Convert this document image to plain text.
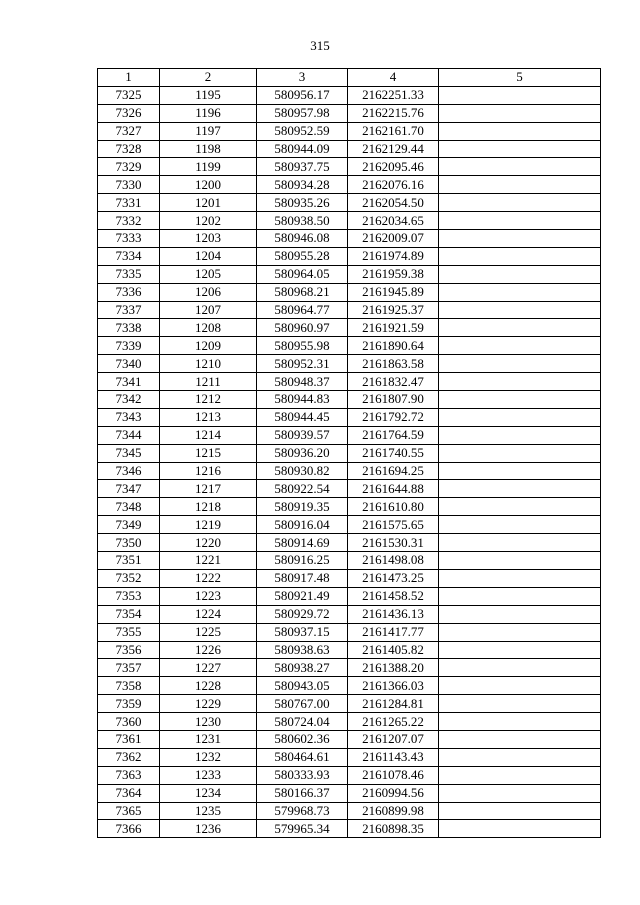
315
1	2	3	4	5
7325	1195	580956.17	2162251.33	
7326	1196	580957.98	2162215.76	
7327	1197	580952.59	2162161.70	
7328	1198	580944.09	2162129.44	
7329	1199	580937.75	2162095.46	
7330	1200	580934.28	2162076.16	
7331	1201	580935.26	2162054.50	
7332	1202	580938.50	2162034.65	
7333	1203	580946.08	2162009.07	
7334	1204	580955.28	2161974.89	
7335	1205	580964.05	2161959.38	
7336	1206	580968.21	2161945.89	
7337	1207	580964.77	2161925.37	
7338	1208	580960.97	2161921.59	
7339	1209	580955.98	2161890.64	
7340	1210	580952.31	2161863.58	
7341	1211	580948.37	2161832.47	
7342	1212	580944.83	2161807.90	
7343	1213	580944.45	2161792.72	
7344	1214	580939.57	2161764.59	
7345	1215	580936.20	2161740.55	
7346	1216	580930.82	2161694.25	
7347	1217	580922.54	2161644.88	
7348	1218	580919.35	2161610.80	
7349	1219	580916.04	2161575.65	
7350	1220	580914.69	2161530.31	
7351	1221	580916.25	2161498.08	
7352	1222	580917.48	2161473.25	
7353	1223	580921.49	2161458.52	
7354	1224	580929.72	2161436.13	
7355	1225	580937.15	2161417.77	
7356	1226	580938.63	2161405.82	
7357	1227	580938.27	2161388.20	
7358	1228	580943.05	2161366.03	
7359	1229	580767.00	2161284.81	
7360	1230	580724.04	2161265.22	
7361	1231	580602.36	2161207.07	
7362	1232	580464.61	2161143.43	
7363	1233	580333.93	2161078.46	
7364	1234	580166.37	2160994.56	
7365	1235	579968.73	2160899.98	
7366	1236	579965.34	2160898.35	
